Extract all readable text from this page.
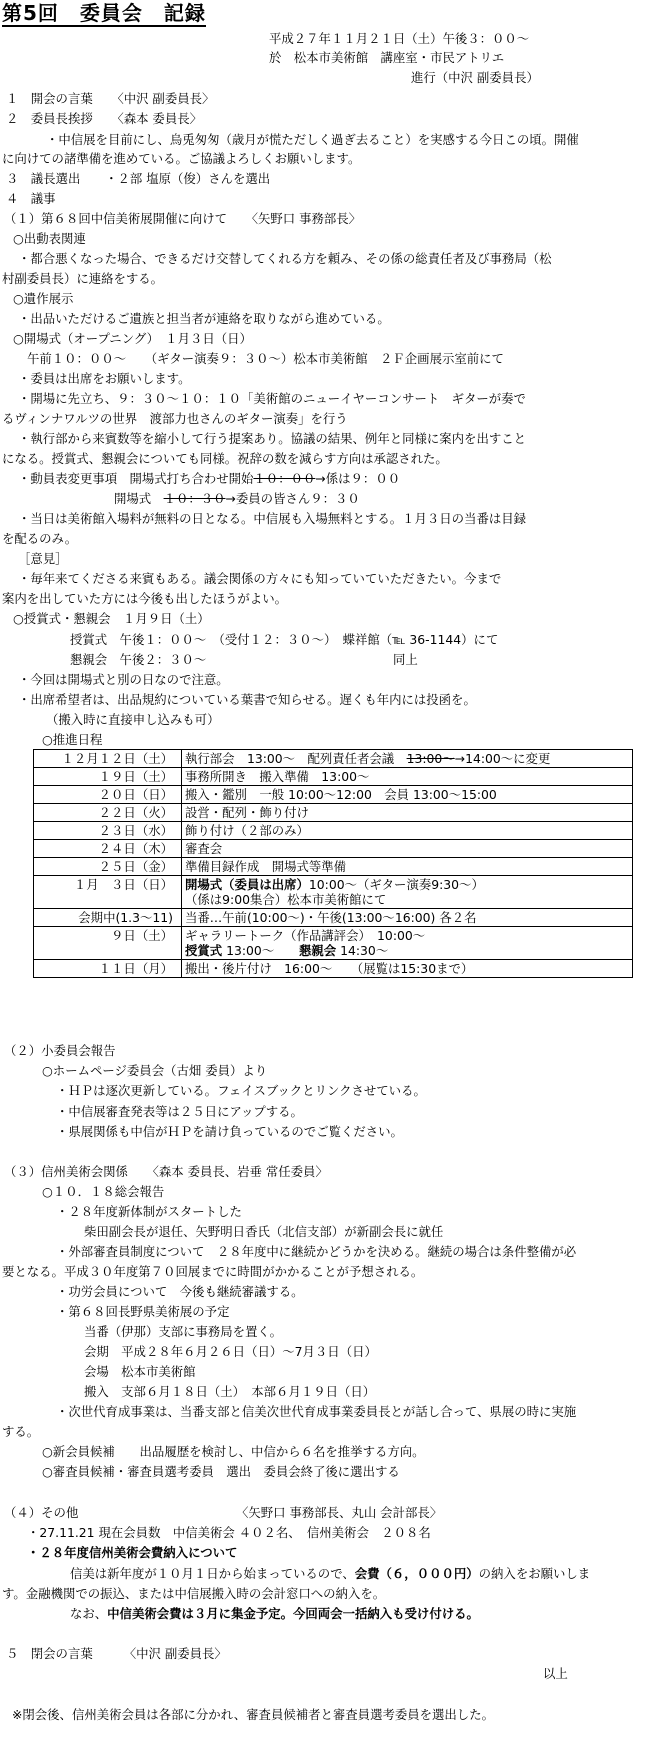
第5回　委員会　記録
平成２７年１１月２１日（土）午後３：００～
於　松本市美術館　講座室・市民アトリエ
進行（中沢 副委員長）
１　開会の言葉　　〈中沢 副委員長〉
２　委員長挨拶　　〈森本 委員長〉
・中信展を目前にし、烏兎匆匆（歳月が慌ただしく過ぎ去ること）を実感する今日この頃。開催
に向けての諸準備を進めている。ご協議よろしくお願いします。
３　議長選出　　・２部 塩原（俊）さんを選出
４　議事
（１）第６８回中信美術展開催に向けて　　〈矢野口 事務部長〉
○出動表関連
・都合悪くなった場合、できるだけ交替してくれる方を頼み、その係の総責任者及び事務局（松
村副委員長）に連絡をする。
○遺作展示
・出品いただけるご遺族と担当者が連絡を取りながら進めている。
○開場式（オープニング）　１月３日（日）
午前１０：００～　　（ギター演奏９：３０～）松本市美術館　２Ｆ企画展示室前にて
・委員は出席をお願いします。
・開場に先立ち、９：３０～１０：１０「美術館のニューイヤーコンサート　ギターが奏で
るヴィンナワルツの世界　渡部力也さんのギター演奏」を行う
・執行部から来賓数等を縮小して行う提案あり。協議の結果、例年と同様に案内を出すこと
になる。授賞式、懇親会についても同様。祝辞の数を減らす方向は承認された。
・動員表変更事項　開場式打ち合わせ開始１０：００→係は９：００
開場式　１０：３０→委員の皆さん９：３０
・当日は美術館入場料が無料の日となる。中信展も入場無料とする。１月３日の当番は目録
を配るのみ。
［意見］
・毎年来てくださる来賓もある。議会関係の方々にも知っていていただきたい。今まで
案内を出していた方には今後も出したほうがよい。
○授賞式・懇親会　１月９日（土）
授賞式　午後１：００～　（受付１２：３０～）　蝶祥館（℡ 36-1144）にて
懇親会　午後２：３０～	同上
・今回は開場式と別の日なので注意。
・出席希望者は、出品規約についている葉書で知らせる。遅くも年内には投函を。
（搬入時に直接申し込みも可）
○推進日程
１２月１２日（土）	執行部会　13:00～　配列責任者会議　13:00～→14:00～に変更
１９日（土）	事務所開き　搬入準備　13:00～
２０日（日）	搬入・鑑別　一般 10:00～12:00　会員 13:00～15:00
２２日（火）	設営・配列・飾り付け
２３日（水）	飾り付け（２部のみ）
２４日（木）	審査会
２５日（金）	準備目録作成　開場式等準備
１月　３日（日）	開場式（委員は出席）10:00～（ギター演奏9:30～）
（係は9:00集合）松本市美術館にて
会期中(1.3～11)	当番…午前(10:00～)・午後(13:00～16:00) 各２名
９日（土）	ギャラリートーク（作品講評会）　10:00～
授賞式 13:00～　　懇親会 14:30～
１１日（月）	搬出・後片付け　16:00～　　（展覧は15:30まで）
（２）小委員会報告
○ホームページ委員会（古畑 委員）より
・ＨＰは逐次更新している。フェイスブックとリンクさせている。
・中信展審査発表等は２５日にアップする。
・県展関係も中信がＨＰを請け負っているのでご覧ください。
（３）信州美術会関係　　〈森本 委員長、岩垂 常任委員〉
○１０．１８総会報告
・２８年度新体制がスタートした
柴田副会長が退任、矢野明日香氏（北信支部）が新副会長に就任
・外部審査員制度について　２８年度中に継続かどうかを決める。継続の場合は条件整備が必
要となる。平成３０年度第７０回展までに時間がかかることが予想される。
・功労会員について　今後も継続審議する。
・第６８回長野県美術展の予定
当番（伊那）支部に事務局を置く。
会期　平成２８年６月２６日（日）～7月３日（日）
会場　松本市美術館
搬入　支部６月１８日（土）　本部６月１９日（日）
・次世代育成事業は、当番支部と信美次世代育成事業委員長とが話し合って、県展の時に実施
する。
○新会員候補　　出品履歴を検討し、中信から６名を推挙する方向。
○審査員候補・審査員選考委員　選出　委員会終了後に選出する
（４）その他	〈矢野口 事務部長、丸山 会計部長〉
・27.11.21 現在会員数　中信美術会 ４０２名、　信州美術会　２０８名
・２８年度信州美術会費納入について
信美は新年度が１０月１日から始まっているので、会費（６，０００円）の納入をお願いしま
す。金融機関での振込、または中信展搬入時の会計窓口への納入を。
なお、中信美術会費は３月に集金予定。今回両会一括納入も受け付ける。
５　閉会の言葉　　　〈中沢 副委員長〉
以上
※閉会後、信州美術会員は各部に分かれ、審査員候補者と審査員選考委員を選出した。
